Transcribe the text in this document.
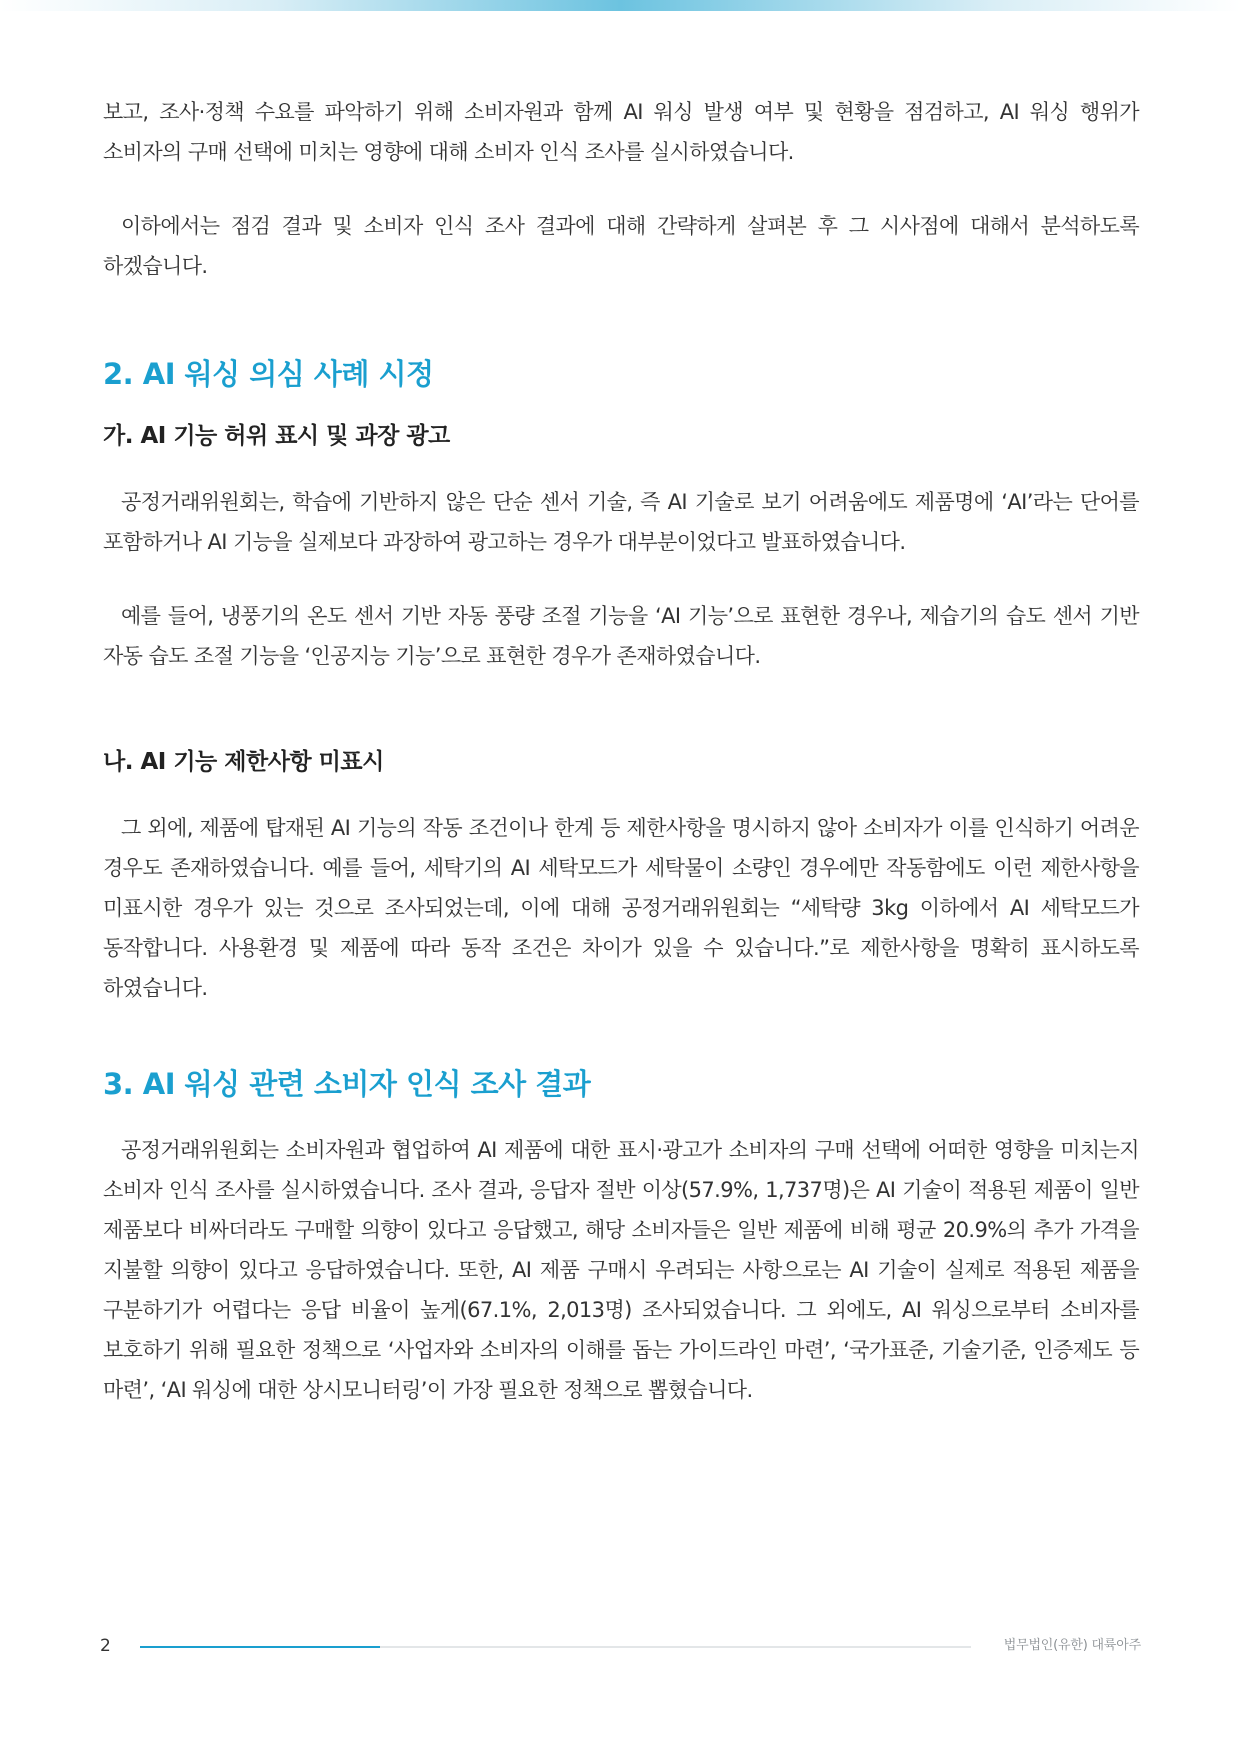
보고, 조사·정책 수요를 파악하기 위해 소비자원과 함께 AI 워싱 발생 여부 및 현황을 점검하고, AI 워싱 행위가 소비자의 구매 선택에 미치는 영향에 대해 소비자 인식 조사를 실시하였습니다.

이하에서는 점검 결과 및 소비자 인식 조사 결과에 대해 간략하게 살펴본 후 그 시사점에 대해서 분석하도록 하겠습니다.

2. AI 워싱 의심 사례 시정
가. AI 기능 허위 표시 및 과장 광고

공정거래위원회는, 학습에 기반하지 않은 단순 센서 기술, 즉 AI 기술로 보기 어려움에도 제품명에 ‘AI’라는 단어를 포함하거나 AI 기능을 실제보다 과장하여 광고하는 경우가 대부분이었다고 발표하였습니다.

예를 들어, 냉풍기의 온도 센서 기반 자동 풍량 조절 기능을 ‘AI 기능’으로 표현한 경우나, 제습기의 습도 센서 기반 자동 습도 조절 기능을 ‘인공지능 기능’으로 표현한 경우가 존재하였습니다.

나. AI 기능 제한사항 미표시

그 외에, 제품에 탑재된 AI 기능의 작동 조건이나 한계 등 제한사항을 명시하지 않아 소비자가 이를 인식하기 어려운 경우도 존재하였습니다. 예를 들어, 세탁기의 AI 세탁모드가 세탁물이 소량인 경우에만 작동함에도 이런 제한사항을 미표시한 경우가 있는 것으로 조사되었는데, 이에 대해 공정거래위원회는 “세탁량 3kg 이하에서 AI 세탁모드가 동작합니다. 사용환경 및 제품에 따라 동작 조건은 차이가 있을 수 있습니다.”로 제한사항을 명확히 표시하도록 하였습니다.

3. AI 워싱 관련 소비자 인식 조사 결과

공정거래위원회는 소비자원과 협업하여 AI 제품에 대한 표시·광고가 소비자의 구매 선택에 어떠한 영향을 미치는지 소비자 인식 조사를 실시하였습니다. 조사 결과, 응답자 절반 이상(57.9%, 1,737명)은 AI 기술이 적용된 제품이 일반 제품보다 비싸더라도 구매할 의향이 있다고 응답했고, 해당 소비자들은 일반 제품에 비해 평균 20.9%의 추가 가격을 지불할 의향이 있다고 응답하였습니다. 또한, AI 제품 구매시 우려되는 사항으로는 AI 기술이 실제로 적용된 제품을 구분하기가 어렵다는 응답 비율이 높게(67.1%, 2,013명) 조사되었습니다. 그 외에도, AI 워싱으로부터 소비자를 보호하기 위해 필요한 정책으로 ‘사업자와 소비자의 이해를 돕는 가이드라인 마련’, ‘국가표준, 기술기준, 인증제도 등 마련’, ‘AI 워싱에 대한 상시모니터링’이 가장 필요한 정책으로 뽑혔습니다.

2	법무법인(유한) 대륙아주
